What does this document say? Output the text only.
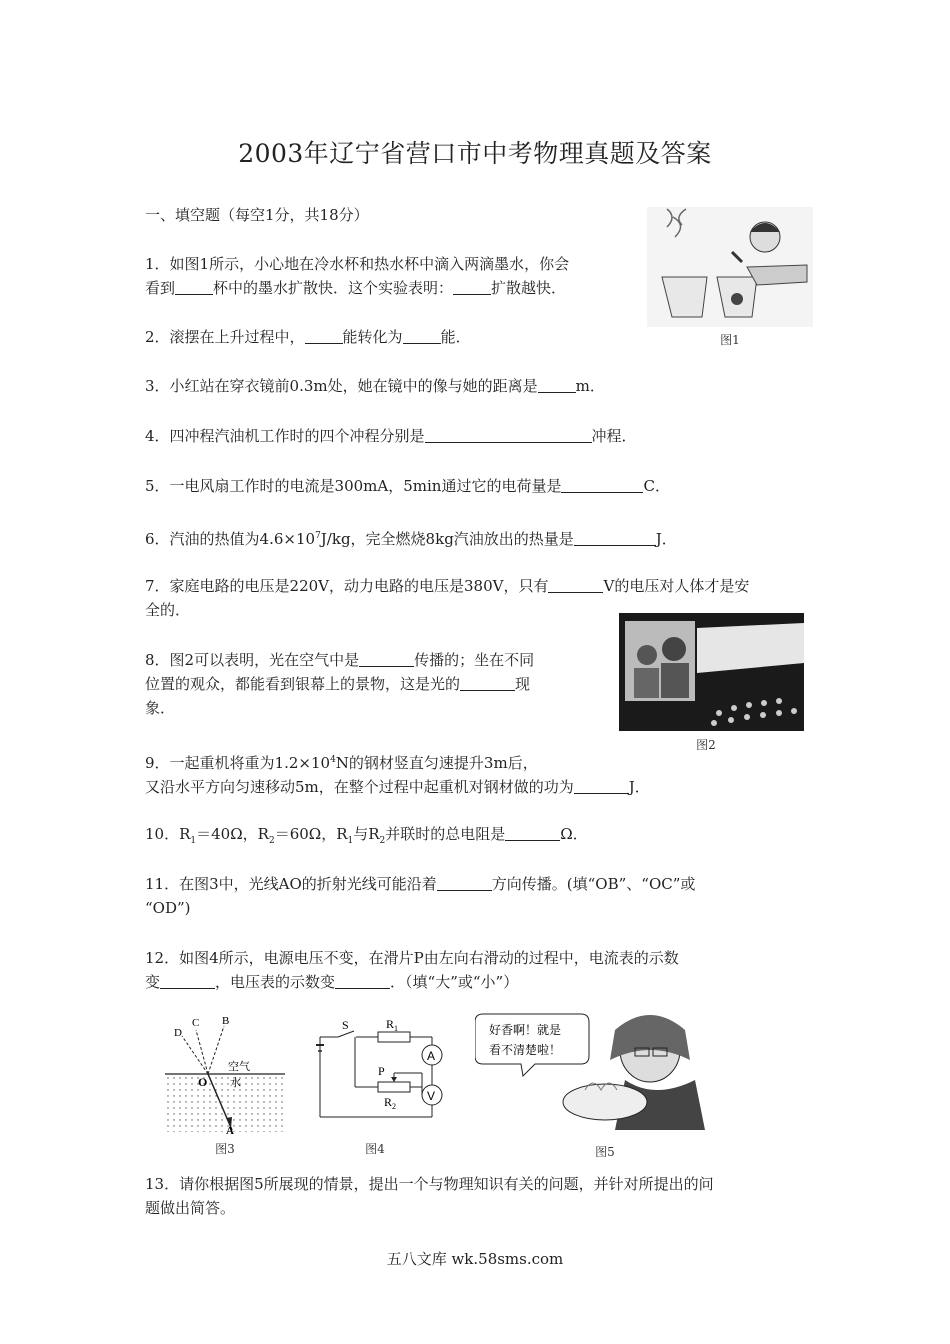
2003年辽宁省营口市中考物理真题及答案
一、填空题（每空1分，共18分）
1．如图1所示，小心地在冷水杯和热水杯中滴入两滴墨水，你会
看到	杯中的墨水扩散快．这个实验表明：	扩散越快．
图1
2．滚摆在上升过程中，	能转化为	能．
3．小红站在穿衣镜前0.3m处，她在镜中的像与她的距离是	m．
4．四冲程汽油机工作时的四个冲程分别是	冲程．
5．一电风扇工作时的电流是300mA，5min通过它的电荷量是	C．
6．汽油的热值为$4.6\times 10^7J/kg$，完全燃烧8kg汽油放出的热量是	J．
7．家庭电路的电压是220V，动力电路的电压是380V，只有	V的电压对人体才是安
全的．
图2
8．图2可以表明，光在空气中是	传播的；坐在不同
位置的观众，都能看到银幕上的景物，这是光的	现
象．
9．一起重机将重为$1.2\times 10^4N$的钢材竖直匀速提升3m后，
又沿水平方向匀速移动5m，在整个过程中起重机对钢材做的功为	J．
10．$R_1=40\Omega$，$R_2=60\Omega$，$R_1$与$R_2$并联时的总电阻是	Ω．
11．在图3中，光线AO的折射光线可能沿着	方向传播。(填“OB”、“OC”或
“OD”)
12．如图4所示，电源电压不变，在滑片P由左向右滑动的过程中，电流表的示数
变	，电压表的示数变	．（填“大”或“小”）
D
C B
空气
水
O
A
图3
S	$R_1$
$R_2$
P
A
V
图4
好香啊！就是
看不清楚啦！
图5
13．请你根据图5所展现的情景，提出一个与物理知识有关的问题，并针对所提出的问
题做出简答。
五八文库 wk.58sms.com
